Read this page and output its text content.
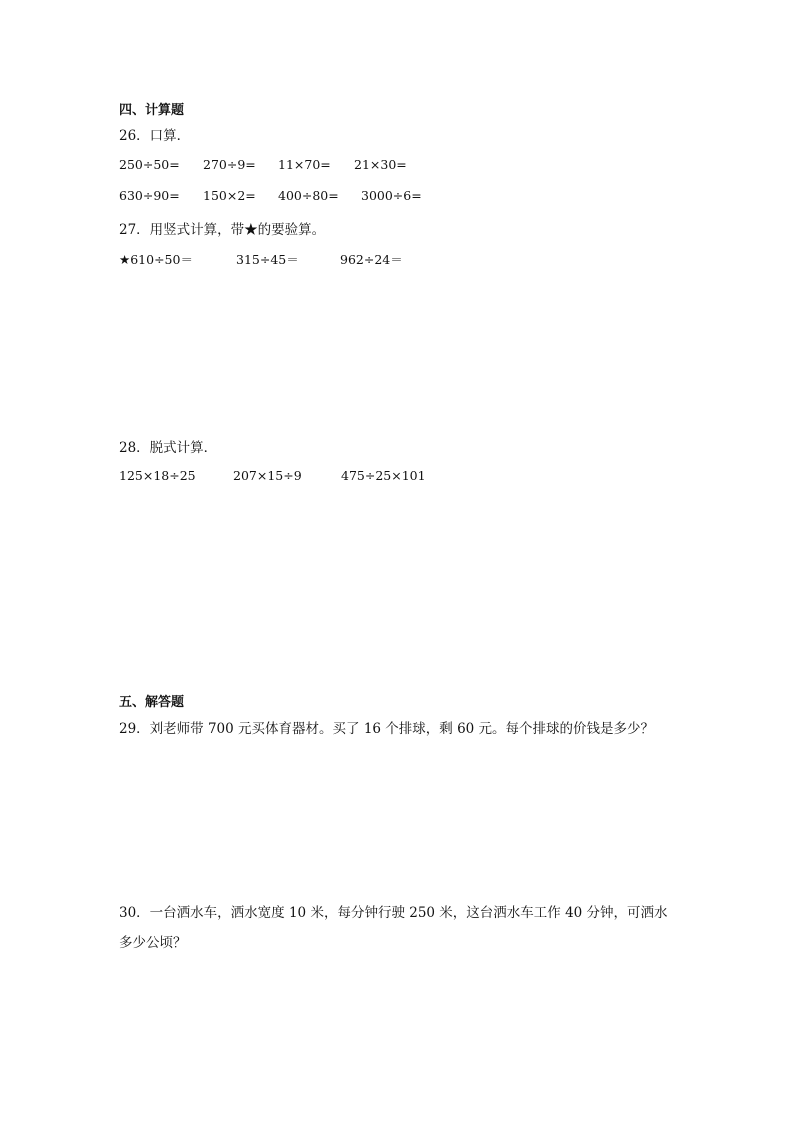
四、计算题
26．口算．
250÷50= 270÷9= 11×70= 21×30=
630÷90= 150×2= 400÷80= 3000÷6=
27．用竖式计算，带★的要验算。
★610÷50＝	315÷45＝	962÷24＝
28．脱式计算．
125×18÷25	207×15÷9	475÷25×101
五、解答题
29．刘老师带 700 元买体育器材。买了 16 个排球，剩 60 元。每个排球的价钱是多少？
30．一台洒水车，洒水宽度 10 米，每分钟行驶 250 米，这台洒水车工作 40 分钟，可洒水多少公顷？
